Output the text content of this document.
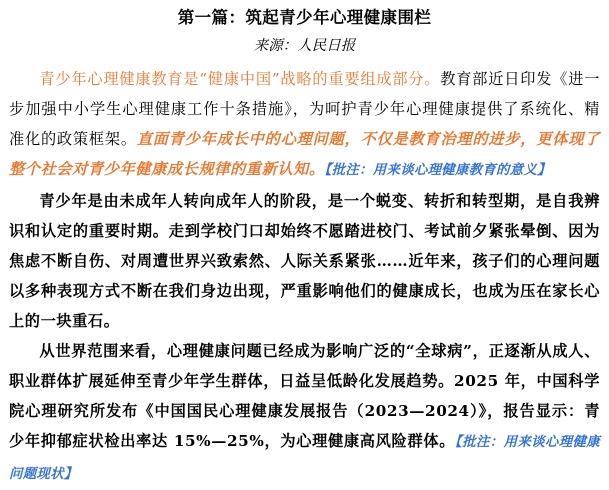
第一篇：筑起青少年心理健康围栏
来源：人民日报

青少年心理健康教育是“健康中国”战略的重要组成部分。教育部近日印发《进一步加强中小学生心理健康工作十条措施》，为呵护青少年心理健康提供了系统化、精准化的政策框架。直面青少年成长中的心理问题，不仅是教育治理的进步，更体现了整个社会对青少年健康成长规律的重新认知。【批注：用来谈心理健康教育的意义】

青少年是由未成年人转向成年人的阶段，是一个蜕变、转折和转型期，是自我辨识和认定的重要时期。走到学校门口却始终不愿踏进校门、考试前夕紧张晕倒、因为焦虑不断自伤、对周遭世界兴致索然、人际关系紧张……近年来，孩子们的心理问题以多种表现方式不断在我们身边出现，严重影响他们的健康成长，也成为压在家长心上的一块重石。

从世界范围来看，心理健康问题已经成为影响广泛的“全球病”，正逐渐从成人、职业群体扩展延伸至青少年学生群体，日益呈低龄化发展趋势。2025 年，中国科学院心理研究所发布《中国国民心理健康发展报告（2023—2024）》，报告显示：青少年抑郁症状检出率达 15%—25%，为心理健康高风险群体。【批注：用来谈心理健康问题现状】
